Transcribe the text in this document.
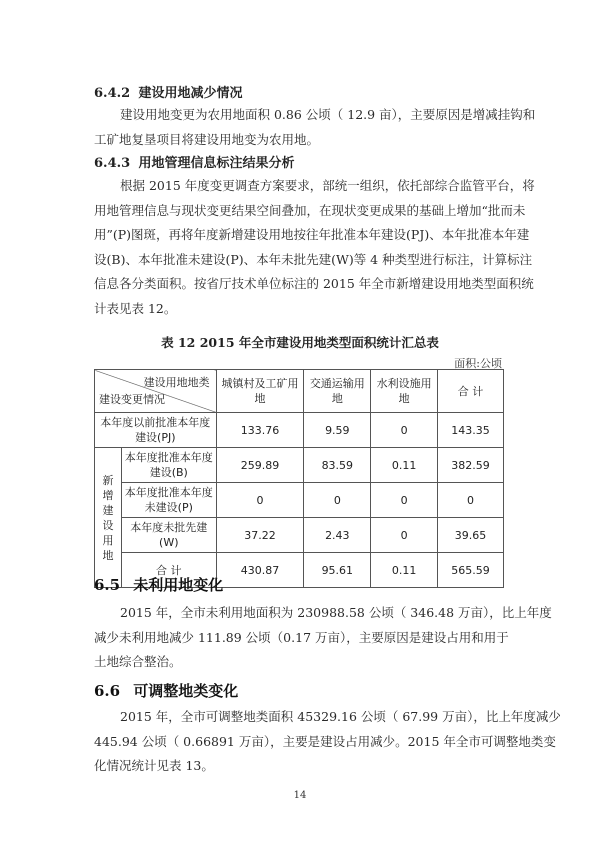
6.4.2 建设用地减少情况
建设用地变更为农用地面积 0.86 公顷（ 12.9 亩），主要原因是增减挂钩和
工矿地复垦项目将建设用地变为农用地。
6.4.3 用地管理信息标注结果分析
根据 2015 年度变更调查方案要求，部统一组织，依托部综合监管平台，将
用地管理信息与现状变更结果空间叠加，在现状变更成果的基础上增加“批而未
用”(P)图斑，再将年度新增建设用地按往年批准本年建设(PJ)、本年批准本年建
设(B)、本年批准未建设(P)、本年未批先建(W)等 4 种类型进行标注，计算标注
信息各分类面积。按省厅技术单位标注的 2015 年全市新增建设用地类型面积统
计表见表 12。
表 12 2015 年全市建设用地类型面积统计汇总表
面积:公顷
建设用地地类
建设变更情况		城镇村及工矿用地	交通运输用地	水利设施用地	合 计
本年度以前批准本年度建设(PJ)		133.76	9.59	0	143.35
新增建设用地	本年度批准本年度建设(B)	259.89	83.59	0.11	382.59
	本年度批准本年度未建设(P)	0	0	0	0
	本年度未批先建(W)	37.22	2.43	0	39.65
	合 计	430.87	95.61	0.11	565.59
6.5 未利用地变化
2015 年，全市未利用地面积为 230988.58 公顷（ 346.48 万亩），比上年度
减少未利用地减少 111.89 公顷（0.17 万亩），主要原因是建设占用和用于
土地综合整治。
6.6 可调整地类变化
2015 年，全市可调整地类面积 45329.16 公顷（ 67.99 万亩），比上年度减少
445.94 公顷（ 0.66891 万亩），主要是建设占用减少。2015 年全市可调整地类变
化情况统计见表 13。
14
